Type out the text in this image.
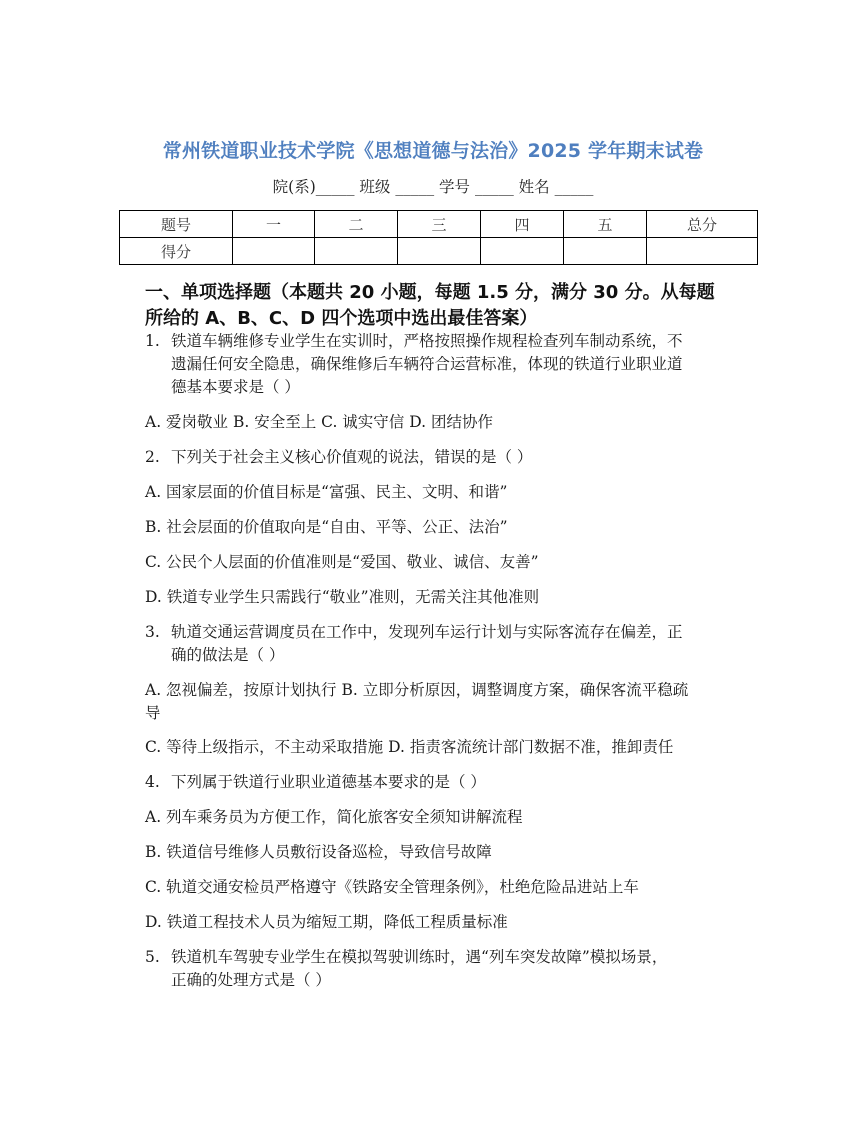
常州铁道职业技术学院《思想道德与法治》2025 学年期末试卷
院(系)_____ 班级 _____ 学号 _____ 姓名 _____
题号	一	二	三	四	五	总分
得分						
一、单项选择题（本题共 20 小题，每题 1.5 分，满分 30 分。从每题
所给的 A、B、C、D 四个选项中选出最佳答案）
1. 铁道车辆维修专业学生在实训时，严格按照操作规程检查列车制动系统，不
遗漏任何安全隐患，确保维修后车辆符合运营标准，体现的铁道行业职业道
德基本要求是（ ）
A. 爱岗敬业 B. 安全至上 C. 诚实守信 D. 团结协作
2. 下列关于社会主义核心价值观的说法，错误的是（ ）
A. 国家层面的价值目标是“富强、民主、文明、和谐”
B. 社会层面的价值取向是“自由、平等、公正、法治”
C. 公民个人层面的价值准则是“爱国、敬业、诚信、友善”
D. 铁道专业学生只需践行“敬业”准则，无需关注其他准则
3. 轨道交通运营调度员在工作中，发现列车运行计划与实际客流存在偏差，正
确的做法是（ ）
A. 忽视偏差，按原计划执行 B. 立即分析原因，调整调度方案，确保客流平稳疏
导
C. 等待上级指示，不主动采取措施 D. 指责客流统计部门数据不准，推卸责任
4. 下列属于铁道行业职业道德基本要求的是（ ）
A. 列车乘务员为方便工作，简化旅客安全须知讲解流程
B. 铁道信号维修人员敷衍设备巡检，导致信号故障
C. 轨道交通安检员严格遵守《铁路安全管理条例》，杜绝危险品进站上车
D. 铁道工程技术人员为缩短工期，降低工程质量标准
5. 铁道机车驾驶专业学生在模拟驾驶训练时，遇“列车突发故障”模拟场景，
正确的处理方式是（ ）
